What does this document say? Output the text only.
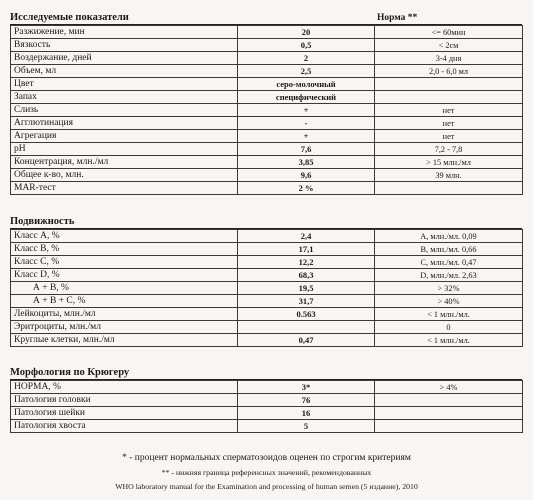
Исследуемые показатели	Норма **
Разжижение, мин	20	<= 60мин
Вязкость	0,5	< 2см
Воздержание, дней	2	3-4 дня
Объем, мл	2,5	2,0 - 6,0 мл
Цвет	серо-молочный	
Запах	специфический	
Слизь	+	нет
Агглютинация	-	нет
Агрегация	+	нет
pH	7,6	7,2 - 7,8
Концентрация, млн./мл	3,85	> 15 млн./мл
Общее к-во, млн.	9,6	39 млн.
MAR-тест	2 %	
Подвижность
Класс А, %	2,4	А, млн./мл. 0,09
Класс В, %	17,1	В, млн./мл. 0,66
Класс С, %	12,2	С, млн./мл. 0,47
Класс D, %	68,3	D, млн./мл. 2,63
А + В, %	19,5	> 32%
А + В + С, %	31,7	> 40%
Лейкоциты, млн./мл	0.563	< 1 млн./мл.
Эритроциты, млн./мл		0
Круглые клетки, млн./мл	0,47	< 1 млн./мл.
Морфология по Крюгеру
НОРМА, %	3*	> 4%
Патология головки	76	
Патология шейки	16	
Патология хвоста	5	
* - процент нормальных сперматозоидов оценен по строгим критериям
** - нижняя граница референсных значений, рекомендованных
WHO laboratory manual for the Examination and processing of human semen (5 издание), 2010
